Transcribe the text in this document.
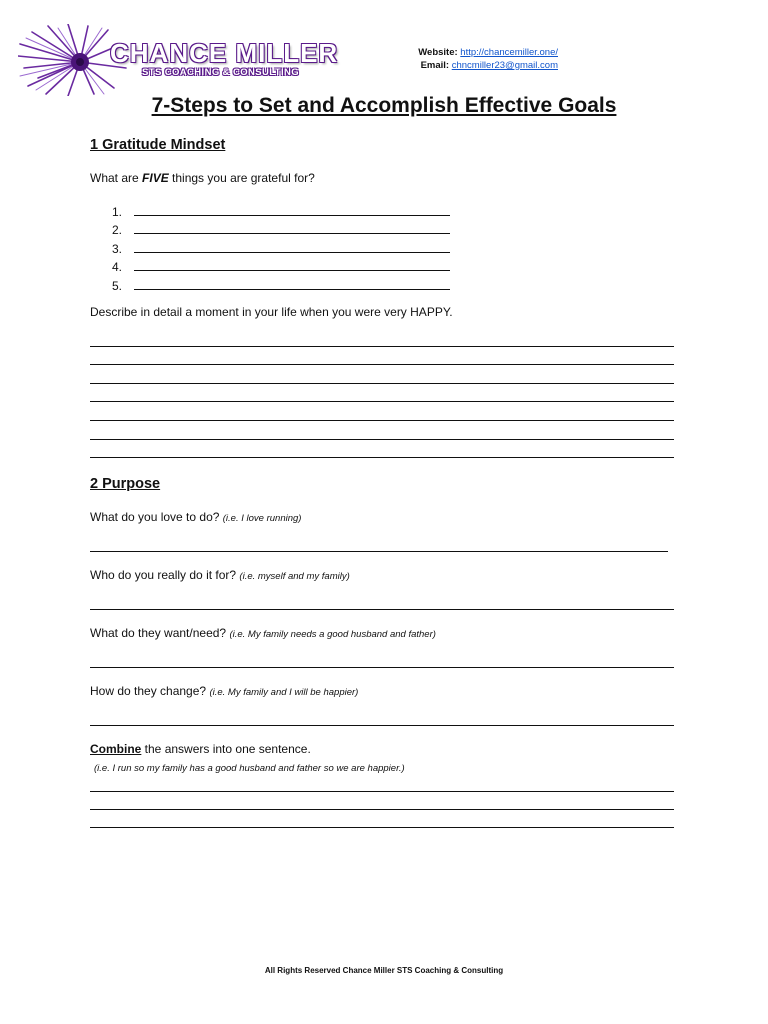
CHANCE MILLER
STS COACHING & CONSULTING
Website: http://chancemiller.one/
Email: chncmiller23@gmail.com
7-Steps to Set and Accomplish Effective Goals
1 Gratitude Mindset
What are FIVE things you are grateful for?
1.
2.
3.
4.
5.
Describe in detail a moment in your life when you were very HAPPY.
2 Purpose
What do you love to do? (i.e. I love running)
Who do you really do it for? (i.e. myself and my family)
What do they want/need? (i.e. My family needs a good husband and father)
How do they change? (i.e. My family and I will be happier)
Combine the answers into one sentence.
(i.e. I run so my family has a good husband and father so we are happier.)
All Rights Reserved Chance Miller STS Coaching & Consulting
